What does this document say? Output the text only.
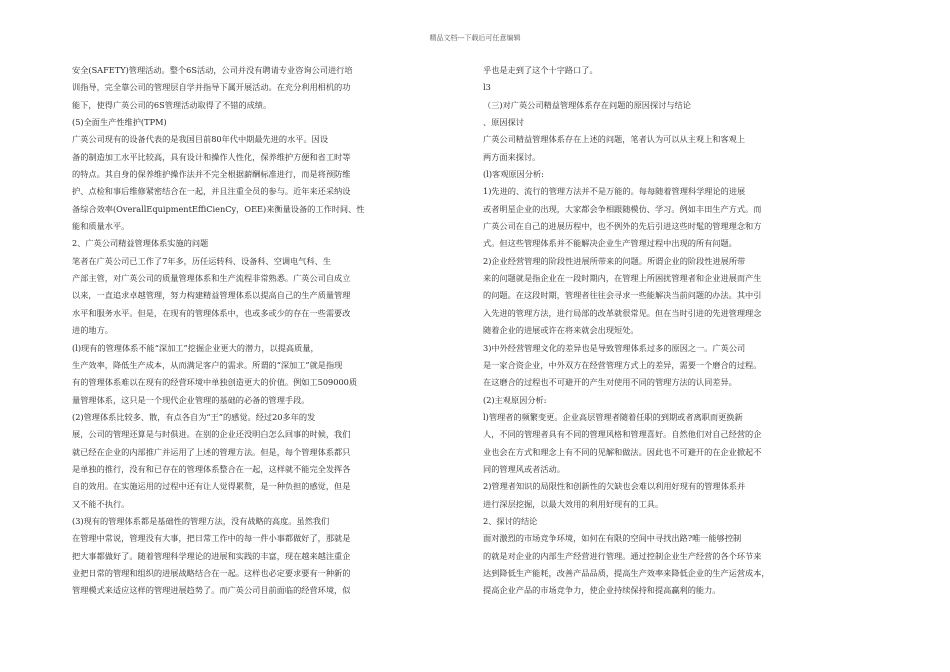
精品文档---下载后可任意编辑
安全(SAFETY)管理活动。整个6S活动，公司并没有聘请专业咨询公司进行培
训指导，完全靠公司的管理层自学并指导下属开展活动。在充分利用相机的功
能下，使得广英公司的6S管理活动取得了不错的成绩。
(5)全面生产性维护(TPM)
广英公司现有的设备代表的是我国目前80年代中期最先进的水平。因设
备的制造加工水平比较高，具有设计和操作人性化，保养维护方便和省工时等
的特点。其自身的保养维护操作法并不完全根据薪酬标准进行，而是将预防维
护、点检和事后维修紧密结合在一起，并且注重全员的参与。近年来还采纳设
备综合效率(OverallEquipmentEffiCienCy，OEE)来衡量设备的工作时间、性
能和质量水平。
2、广英公司精益管理体系实施的问题
笔者在广英公司已工作了7年多，历任运转科、设备科、空调电气科、生
产部主管，对广英公司的质量管理体系和生产流程非常熟悉。广英公司自成立
以来，一直追求卓越管理，努力构建精益管理体系以提高自己的生产质量管理
水平和服务水平。但是，在现有的管理体系中，也或多或少的存在一些需要改
进的地方。
(l)现有的管理体系不能“深加工”挖掘企业更大的潜力，以提高质量，
生产效率，降低生产成本，从而满足客户的需求。所谓的“深加工”就是指现
有的管理体系难以在现有的经营环境中单独创造更大的价值。例如工509000质
量管理体系，这只是一个现代企业管理的基础的必备的管理手段。
(2)管理体系比较多、散，有点各自为“王”的感觉。经过20多年的发
展，公司的管理还算是与时俱进。在别的企业还没明白怎么回事的时候，我们
就已经在企业的内部推广并运用了上述的管理方法。但是，每个管理体系都只
是单独的推行，没有和已存在的管理体系整合在一起，这样就不能完全发挥各
自的效用。在实施运用的过程中还有让人觉得累赘，是一种负担的感觉，但是
又不能不执行。
(3)现有的管理体系都是基础性的管理方法，没有战略的高度。虽然我们
在管理中常说，管理没有大事，把日常工作中的每一件小事都做好了，那就是
把大事都做好了。随着管理科学理论的进展和实践的丰富，现在越来越注重企
业把日常的管理和组织的进展战略结合在一起。这样也必定要求要有一种新的
管理模式来适应这样的管理进展趋势了。而广英公司目前面临的经营环境，似
乎也是走到了这个十字路口了。
l3
（三)对广英公司精益管理体系存在问题的原因探讨与结论
、原因探讨
广英公司精益管理体系存在上述的问题，笔者认为可以从主观上和客观上
两方面来探讨。
(l)客观原因分析:
1)先进的、流行的管理方法并不是万能的。每每随着管理科学理论的进展
或者明星企业的出现，大家都会争相跟随模仿、学习。例如丰田生产方式。而
广英公司在自己的进展历程中，也不例外的先后引进这些时髦的管理理念和方
式。但这些管理体系并不能解决企业生产管理过程中出现的所有问题。
2)企业经营管理的阶段性进展所带来的问题。所谓企业的阶段性进展所带
来的问题就是指企业在一段时期内，在管理上所困扰管理者和企业进展而产生
的问题。在这段时期，管理者往往会寻求一些能解决当前问题的办法。其中引
入先进的管理方法，进行局部的改革就很常见。但在当时引进的先进管理理念
随着企业的进展或许在将来就会出现短处。
3)中外经营管理文化的差异也是导致管理体系过多的原因之一。广英公司
是一家合资企业，中外双方在经营管理方式上的差异，需要一个磨合的过程。
在这磨合的过程也不可避开的产生对使用不同的管理方法的认同差异。
(2)主观原因分析:
l)管理者的频繁变更。企业高层管理者随着任职的到期或者离职而更换新
人，不同的管理者具有不同的管理风格和管理喜好。自然他们对自己经营的企
业也会在方式和理念上有不同的见解和做法。因此也不可避开的在企业掀起不
同的管理风或者活动。
2)管理者知识的局限性和创新性的欠缺也会难以利用好现有的管理体系并
进行深层挖掘，以最大效用的利用好现有的工具。
2、探讨的结论
面对激烈的市场竞争环境，如何在有限的空间中寻找出路?唯一能够控制
的就是对企业的内部生产经营进行管理。通过控制企业生产经营的各个环节来
达到降低生产能耗，改善产品品质，提高生产效率来降低企业的生产运营成本，
提高企业产品的市场竞争力，使企业持续保持和提高赢利的能力。
